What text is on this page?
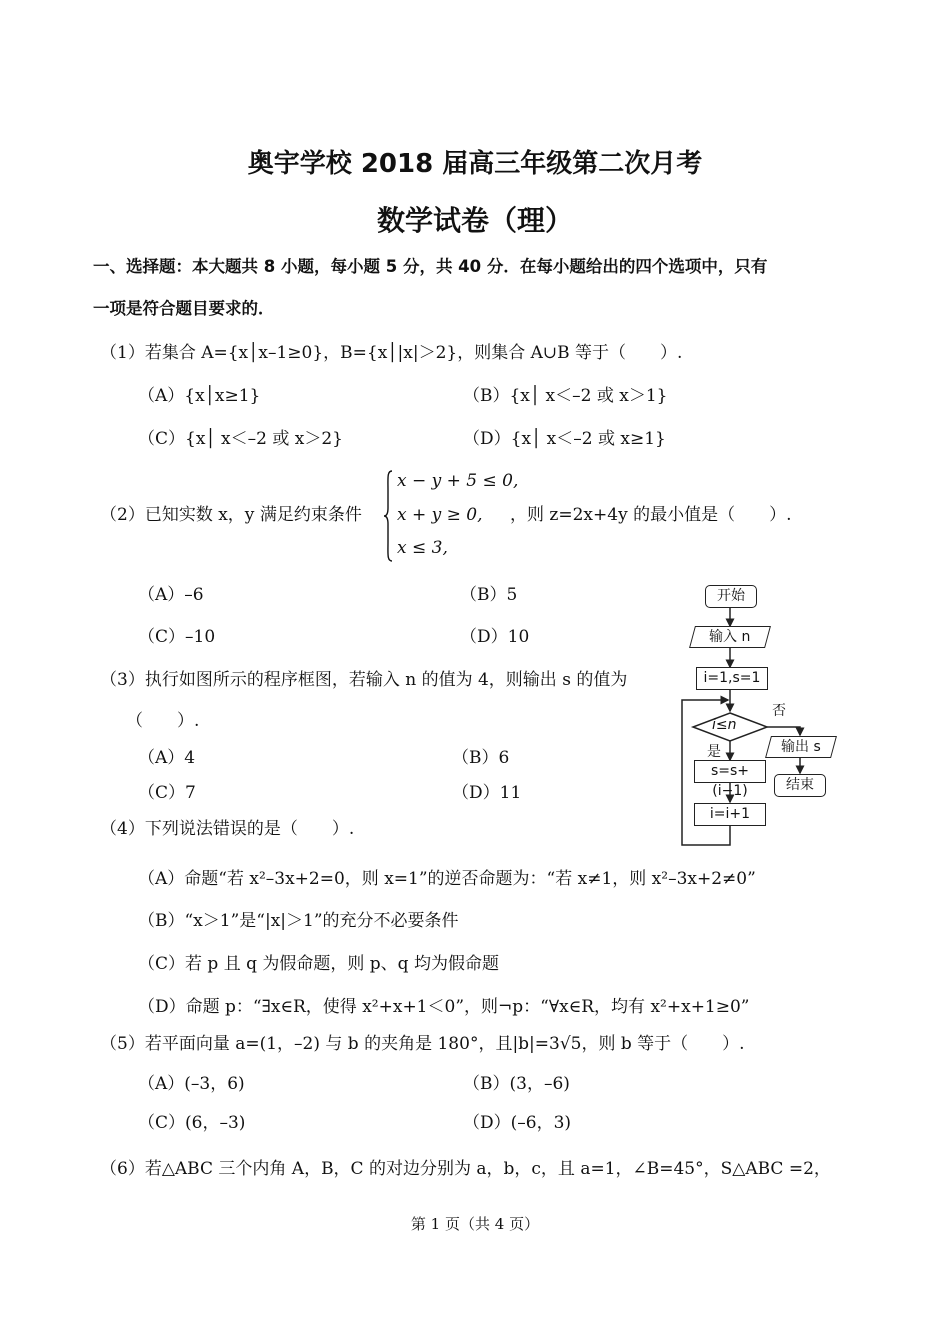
奥宇学校 2018 届高三年级第二次月考
数学试卷（理）
一、选择题：本大题共 8 小题，每小题 5 分，共 40 分．在每小题给出的四个选项中，只有
一项是符合题目要求的．
（1）若集合 A={x│x–1≥0}，B={x│|x|＞2}，则集合 A∪B 等于（　　）.
（A）{x│x≥1}	（B）{x│ x＜–2 或 x＞1}
（C）{x│ x＜–2 或 x＞2}	（D）{x│ x＜–2 或 x≥1}
（2）已知实数 x，y 满足约束条件
x − y + 5 ≤ 0,
x + y ≥ 0,
x ≤ 3,
，则 z=2x+4y 的最小值是（　　）.
（A）–6	（B）5
（C）–10	（D）10
（3）执行如图所示的程序框图，若输入 n 的值为 4，则输出 s 的值为
（　　）.
（A）4	（B）6
（C）7	（D）11
开始
输入 n
i=1,s=1
i≤n
否
是	输出 s
s=s+(i−1)	结束
i=i+1
（4）下列说法错误的是（　　）.
（A）命题“若 x²–3x+2=0，则 x=1”的逆否命题为：“若 x≠1，则 x²–3x+2≠0”
（B）“x＞1”是“|x|＞1”的充分不必要条件
（C）若 p 且 q 为假命题，则 p、q 均为假命题
（D）命题 p：“∃x∈R，使得 x²+x+1＜0”，则¬p：“∀x∈R，均有 x²+x+1≥0”
（5）若平面向量 a=(1，–2) 与 b 的夹角是 180°，且|b|=3√5，则 b 等于（　　）.
（A）(–3，6)	（B）(3，–6)
（C）(6，–3)	（D）(–6，3)
（6）若△ABC 三个内角 A，B，C 的对边分别为 a，b，c，且 a=1，∠B=45°，S△ABC =2，
第 1 页（共 4 页）
